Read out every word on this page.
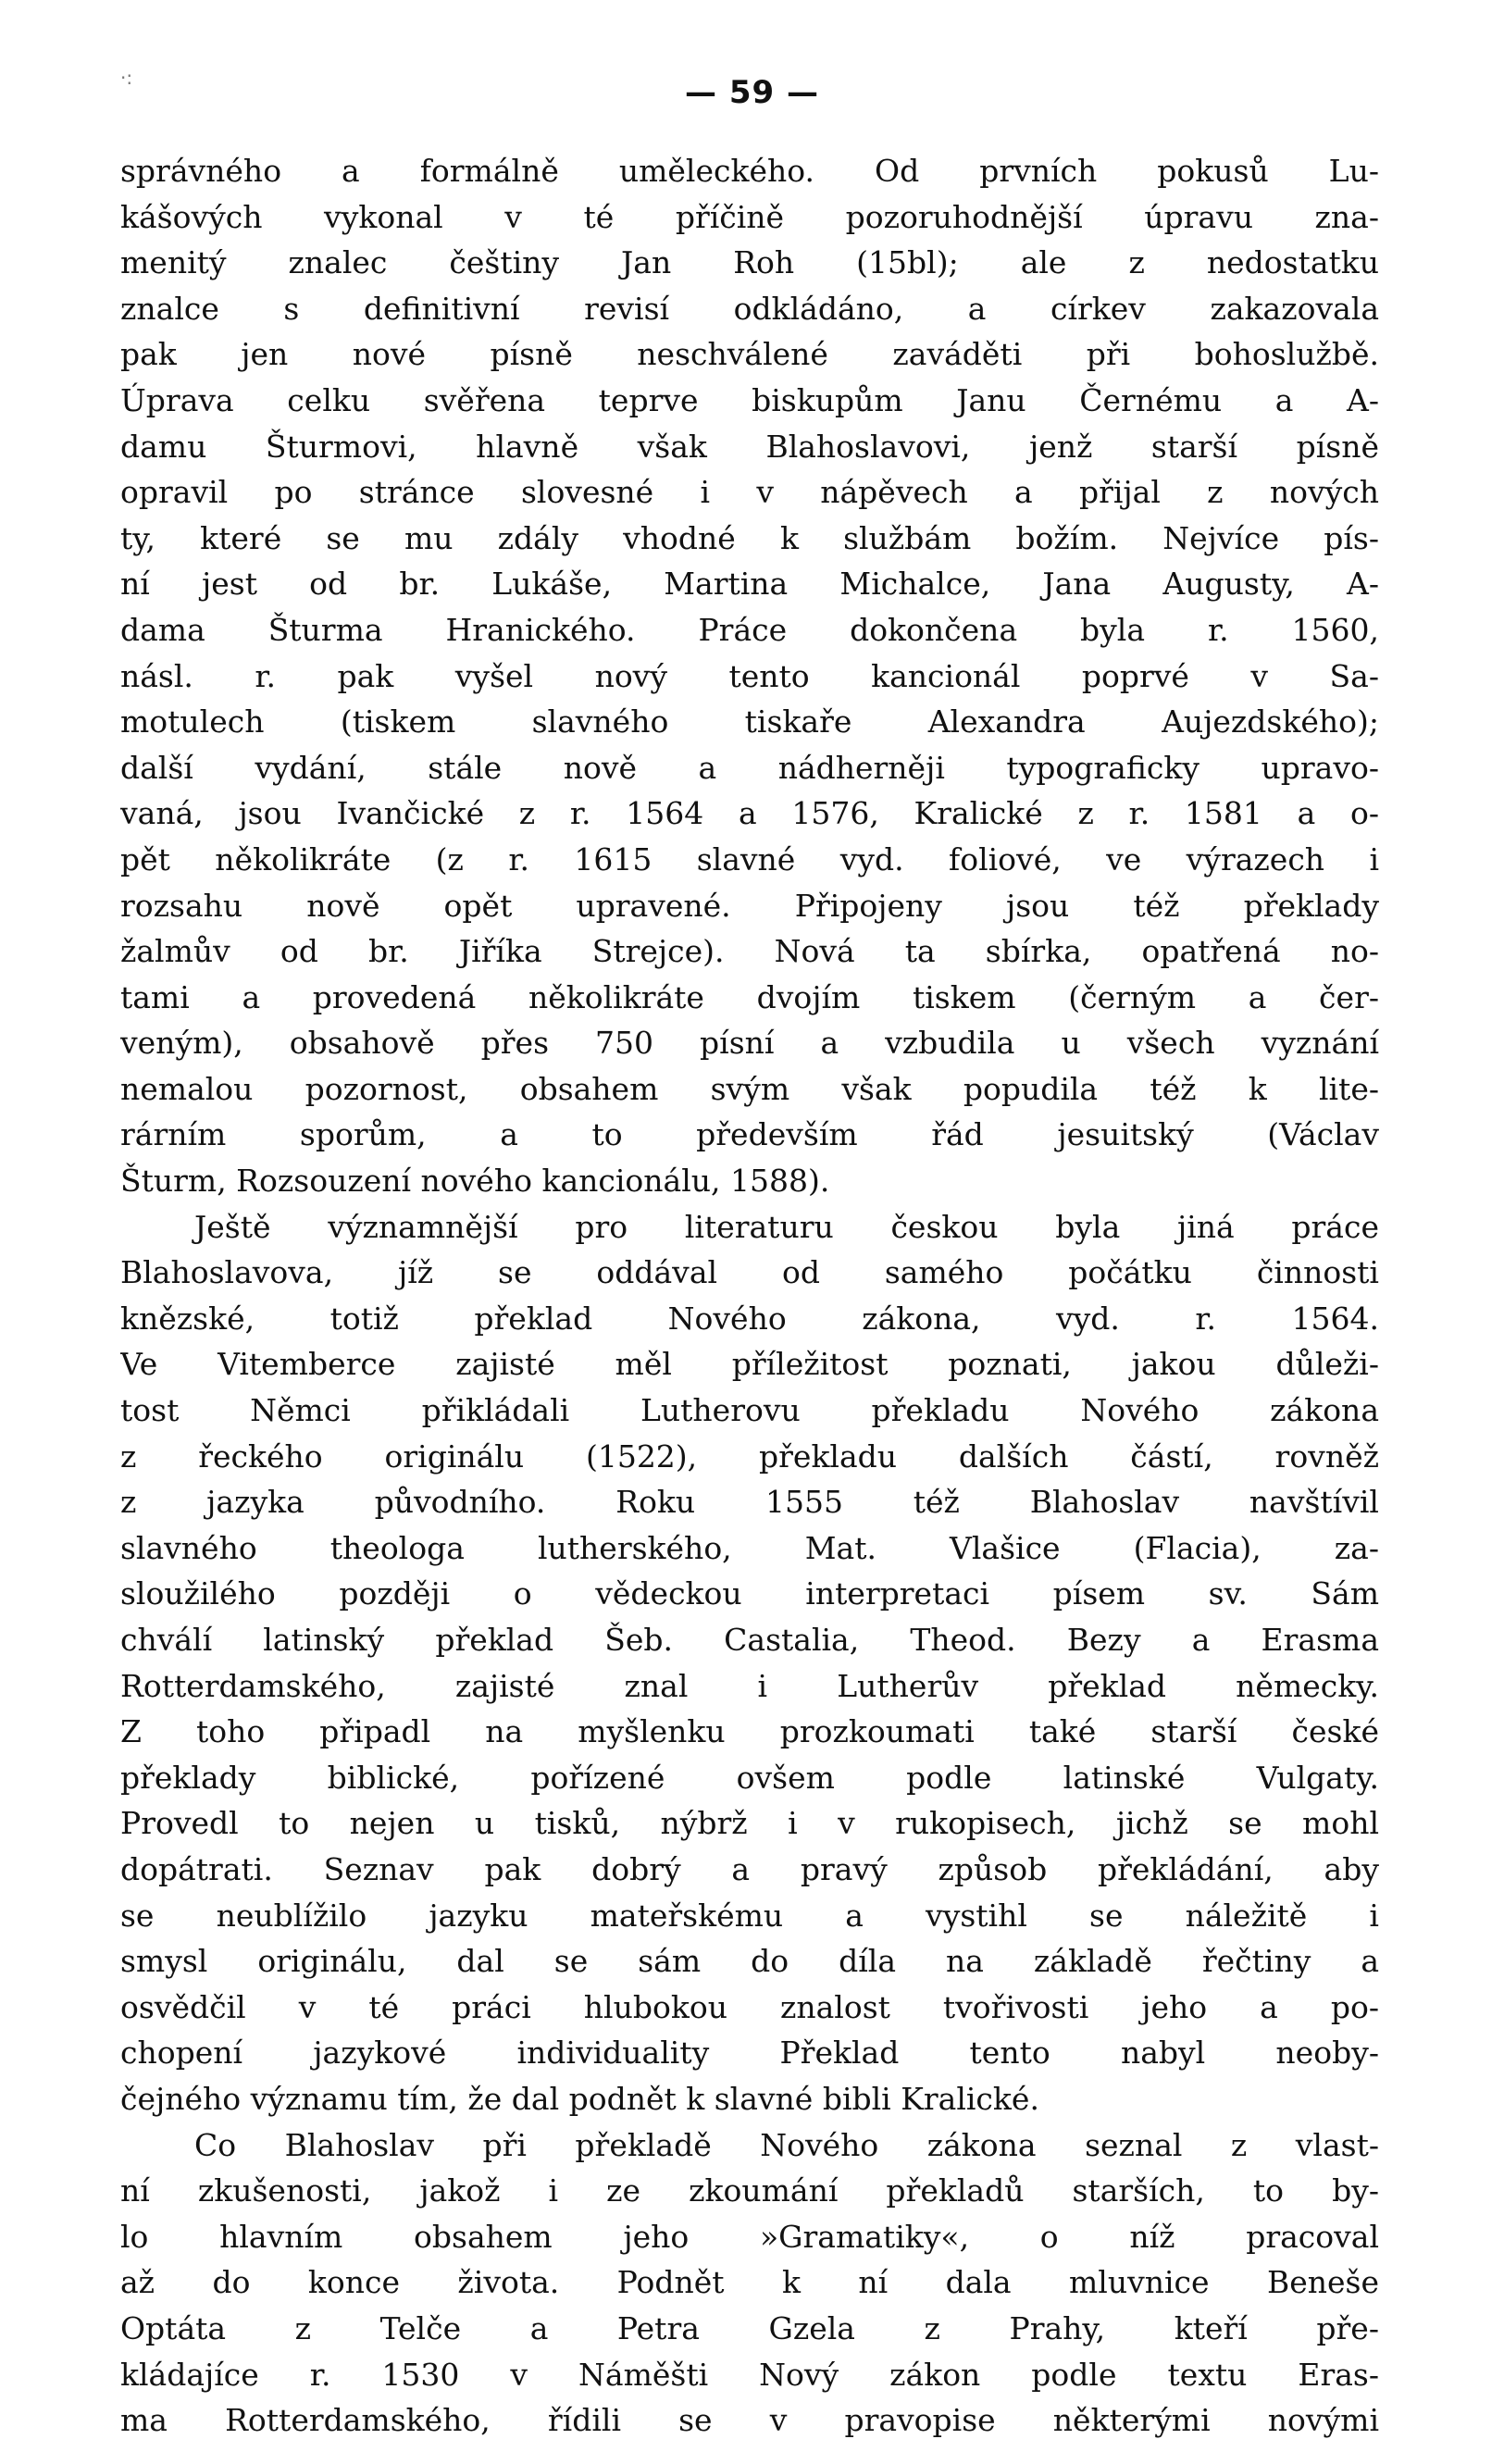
·:	— 59 —
správného a formálně uměleckého. Od prvních pokusů Lu-
kášových vykonal v té příčině pozoruhodnější úpravu zna-
menitý znalec češtiny Jan Roh (15bl); ale z nedostatku
znalce s definitivní revisí odkládáno, a církev zakazovala
pak jen nové písně neschválené zaváděti při bohoslužbě.
Úprava celku svěřena teprve biskupům Janu Černému a A-
damu Šturmovi, hlavně však Blahoslavovi, jenž starší písně
opravil po stránce slovesné i v nápěvech a přijal z nových
ty, které se mu zdály vhodné k službám božím. Nejvíce pís-
ní jest od br. Lukáše, Martina Michalce, Jana Augusty, A-
dama Šturma Hranického. Práce dokončena byla r. 1560,
násl. r. pak vyšel nový tento kancionál poprvé v Sa-
motulech (tiskem slavného tiskaře Alexandra Aujezdského);
další vydání, stále nově a nádherněji typograficky upravo-
vaná, jsou Ivančické z r. 1564 a 1576, Kralické z r. 1581 a o-
pět několikráte (z r. 1615 slavné vyd. foliové, ve výrazech i
rozsahu nově opět upravené. Připojeny jsou též překlady
žalmův od br. Jiříka Strejce). Nová ta sbírka, opatřená no-
tami a provedená několikráte dvojím tiskem (černým a čer-
veným), obsahově přes 750 písní a vzbudila u všech vyznání
nemalou pozornost, obsahem svým však popudila též k lite-
rárním sporům, a to především řád jesuitský (Václav
Šturm, Rozsouzení nového kancionálu, 1588).
Ještě významnější pro literaturu českou byla jiná práce
Blahoslavova, jíž se oddával od samého počátku činnosti
knězské, totiž překlad Nového zákona, vyd. r. 1564.
Ve Vitemberce zajisté měl příležitost poznati, jakou důleži-
tost Němci přikládali Lutherovu překladu Nového zákona
z řeckého originálu (1522), překladu dalších částí, rovněž
z jazyka původního. Roku 1555 též Blahoslav navštívil
slavného theologa lutherského, Mat. Vlašice (Flacia), za-
sloužilého později o vědeckou interpretaci písem sv. Sám
chválí latinský překlad Šeb. Castalia, Theod. Bezy a Erasma
Rotterdamského, zajisté znal i Lutherův překlad německy.
Z toho připadl na myšlenku prozkoumati také starší české
překlady biblické, pořízené ovšem podle latinské Vulgaty.
Provedl to nejen u tisků, nýbrž i v rukopisech, jichž se mohl
dopátrati. Seznav pak dobrý a pravý způsob překládání, aby
se neublížilo jazyku mateřskému a vystihl se náležitě i
smysl originálu, dal se sám do díla na základě řečtiny a
osvědčil v té práci hlubokou znalost tvořivosti jeho a po-
chopení jazykové individuality Překlad tento nabyl neoby-
čejného významu tím, že dal podnět k slavné bibli Kralické.
Co Blahoslav při překladě Nového zákona seznal z vlast-
ní zkušenosti, jakož i ze zkoumání překladů starších, to by-
lo hlavním obsahem jeho »Gramatiky«, o níž pracoval
až do konce života. Podnět k ní dala mluvnice Beneše
Optáta z Telče a Petra Gzela z Prahy, kteří pře-
kládajíce r. 1530 v Náměšti Nový zákon podle textu Eras-
ma Rotterdamského, řídili se v pravopise některými novými
